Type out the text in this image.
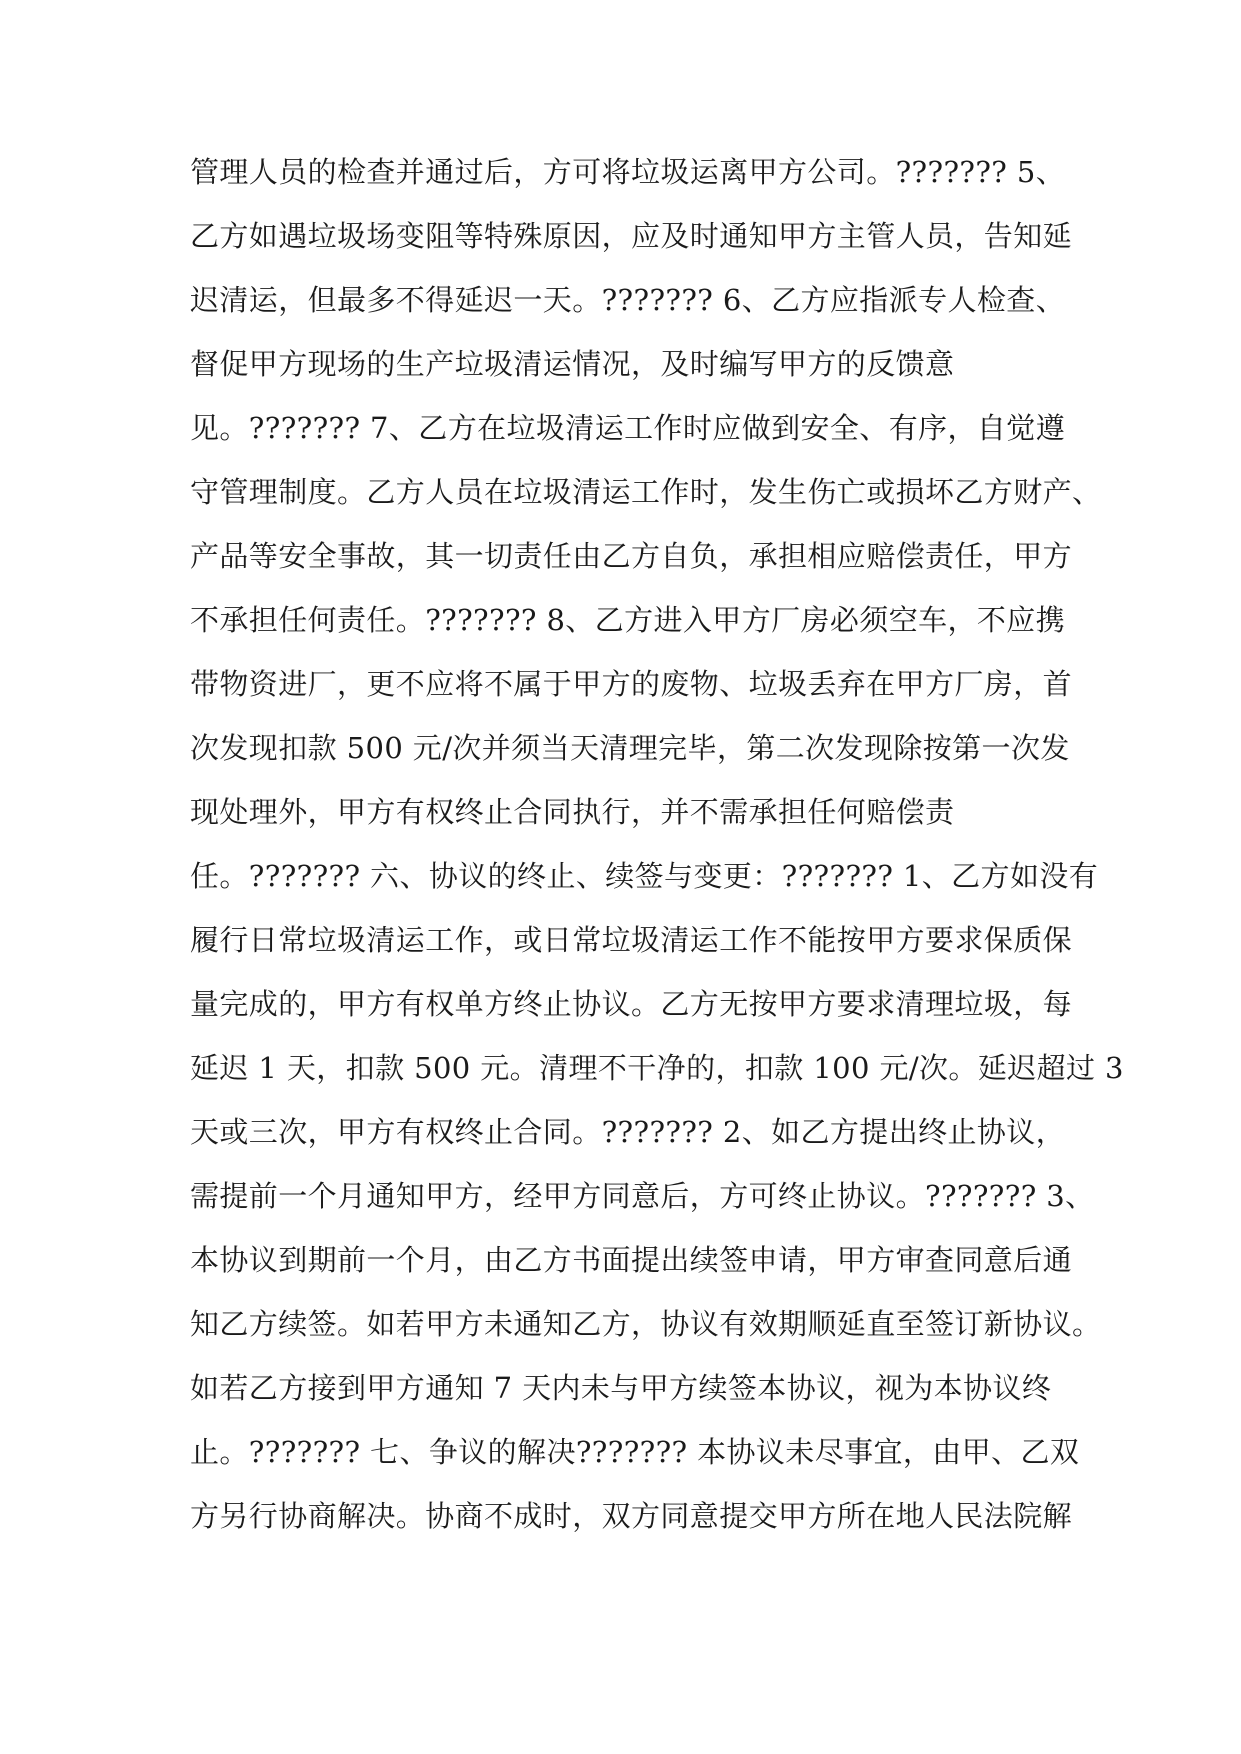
管理人员的检查并通过后，方可将垃圾运离甲方公司。??????? 5、
乙方如遇垃圾场变阻等特殊原因，应及时通知甲方主管人员，告知延
迟清运，但最多不得延迟一天。??????? 6、乙方应指派专人检查、
督促甲方现场的生产垃圾清运情况，及时编写甲方的反馈意
见。??????? 7、乙方在垃圾清运工作时应做到安全、有序，自觉遵
守管理制度。乙方人员在垃圾清运工作时，发生伤亡或损坏乙方财产、
产品等安全事故，其一切责任由乙方自负，承担相应赔偿责任，甲方
不承担任何责任。??????? 8、乙方进入甲方厂房必须空车，不应携
带物资进厂，更不应将不属于甲方的废物、垃圾丢弃在甲方厂房，首
次发现扣款 500 元/次并须当天清理完毕，第二次发现除按第一次发
现处理外，甲方有权终止合同执行，并不需承担任何赔偿责
任。??????? 六、协议的终止、续签与变更：??????? 1、乙方如没有
履行日常垃圾清运工作，或日常垃圾清运工作不能按甲方要求保质保
量完成的，甲方有权单方终止协议。乙方无按甲方要求清理垃圾，每
延迟 1 天，扣款 500 元。清理不干净的，扣款 100 元/次。延迟超过 3
天或三次，甲方有权终止合同。??????? 2、如乙方提出终止协议，
需提前一个月通知甲方，经甲方同意后，方可终止协议。??????? 3、
本协议到期前一个月，由乙方书面提出续签申请，甲方审查同意后通
知乙方续签。如若甲方未通知乙方，协议有效期顺延直至签订新协议。
如若乙方接到甲方通知 7 天内未与甲方续签本协议，视为本协议终
止。??????? 七、争议的解决??????? 本协议未尽事宜，由甲、乙双
方另行协商解决。协商不成时，双方同意提交甲方所在地人民法院解
